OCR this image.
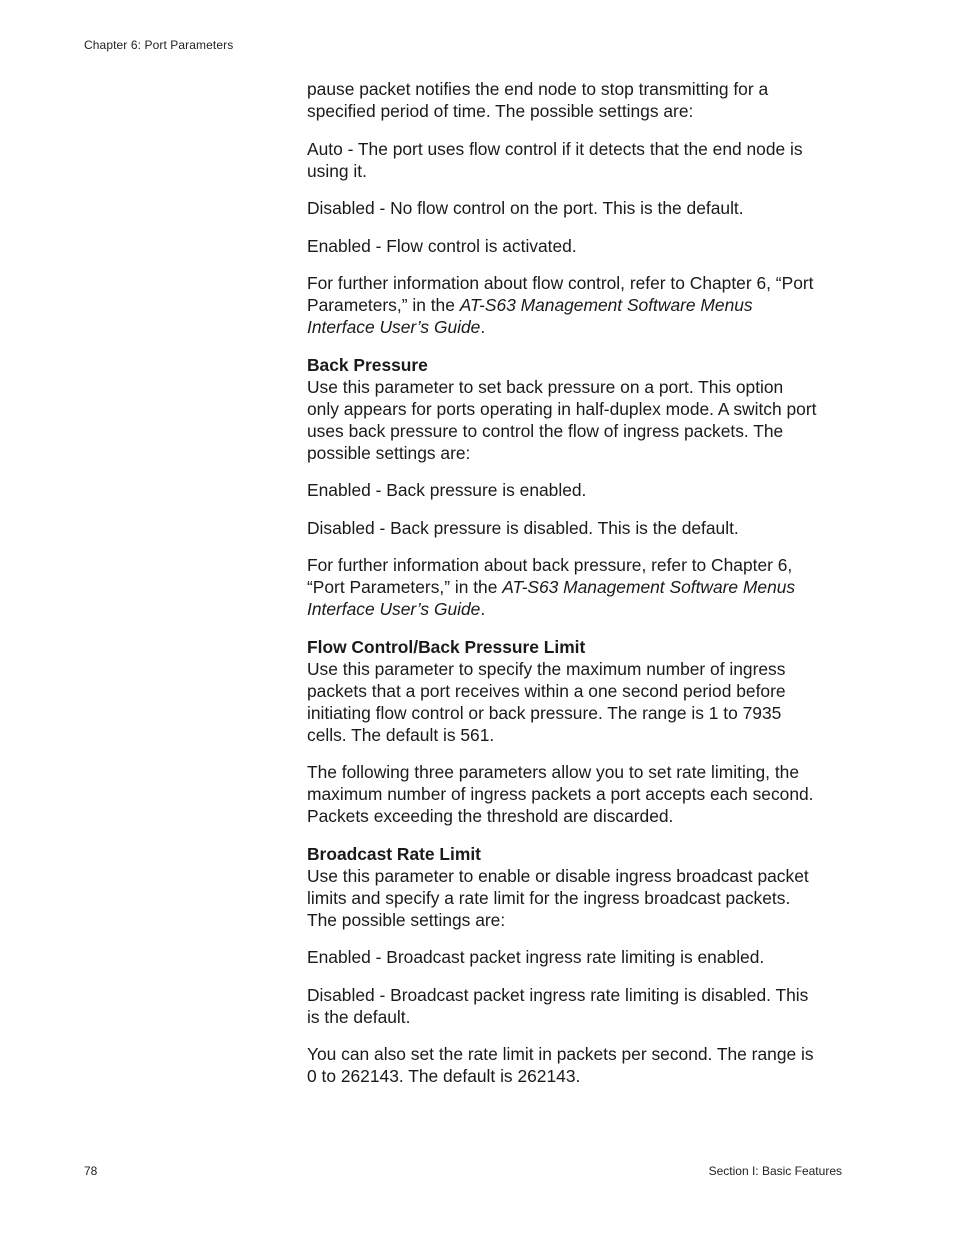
Chapter 6: Port Parameters

pause packet notifies the end node to stop transmitting for a specified period of time. The possible settings are:

Auto - The port uses flow control if it detects that the end node is using it.

Disabled - No flow control on the port. This is the default.

Enabled - Flow control is activated.

For further information about flow control, refer to Chapter 6, “Port Parameters,” in the AT-S63 Management Software Menus Interface User’s Guide.

Back Pressure
Use this parameter to set back pressure on a port. This option only appears for ports operating in half-duplex mode. A switch port uses back pressure to control the flow of ingress packets. The possible settings are:

Enabled - Back pressure is enabled.

Disabled - Back pressure is disabled. This is the default.

For further information about back pressure, refer to Chapter 6, “Port Parameters,” in the AT-S63 Management Software Menus Interface User’s Guide.

Flow Control/Back Pressure Limit
Use this parameter to specify the maximum number of ingress packets that a port receives within a one second period before initiating flow control or back pressure. The range is 1 to 7935 cells. The default is 561.

The following three parameters allow you to set rate limiting, the maximum number of ingress packets a port accepts each second. Packets exceeding the threshold are discarded.

Broadcast Rate Limit
Use this parameter to enable or disable ingress broadcast packet limits and specify a rate limit for the ingress broadcast packets. The possible settings are:

Enabled - Broadcast packet ingress rate limiting is enabled.

Disabled - Broadcast packet ingress rate limiting is disabled. This is the default.

You can also set the rate limit in packets per second. The range is 0 to 262143. The default is 262143.

78	Section I: Basic Features
